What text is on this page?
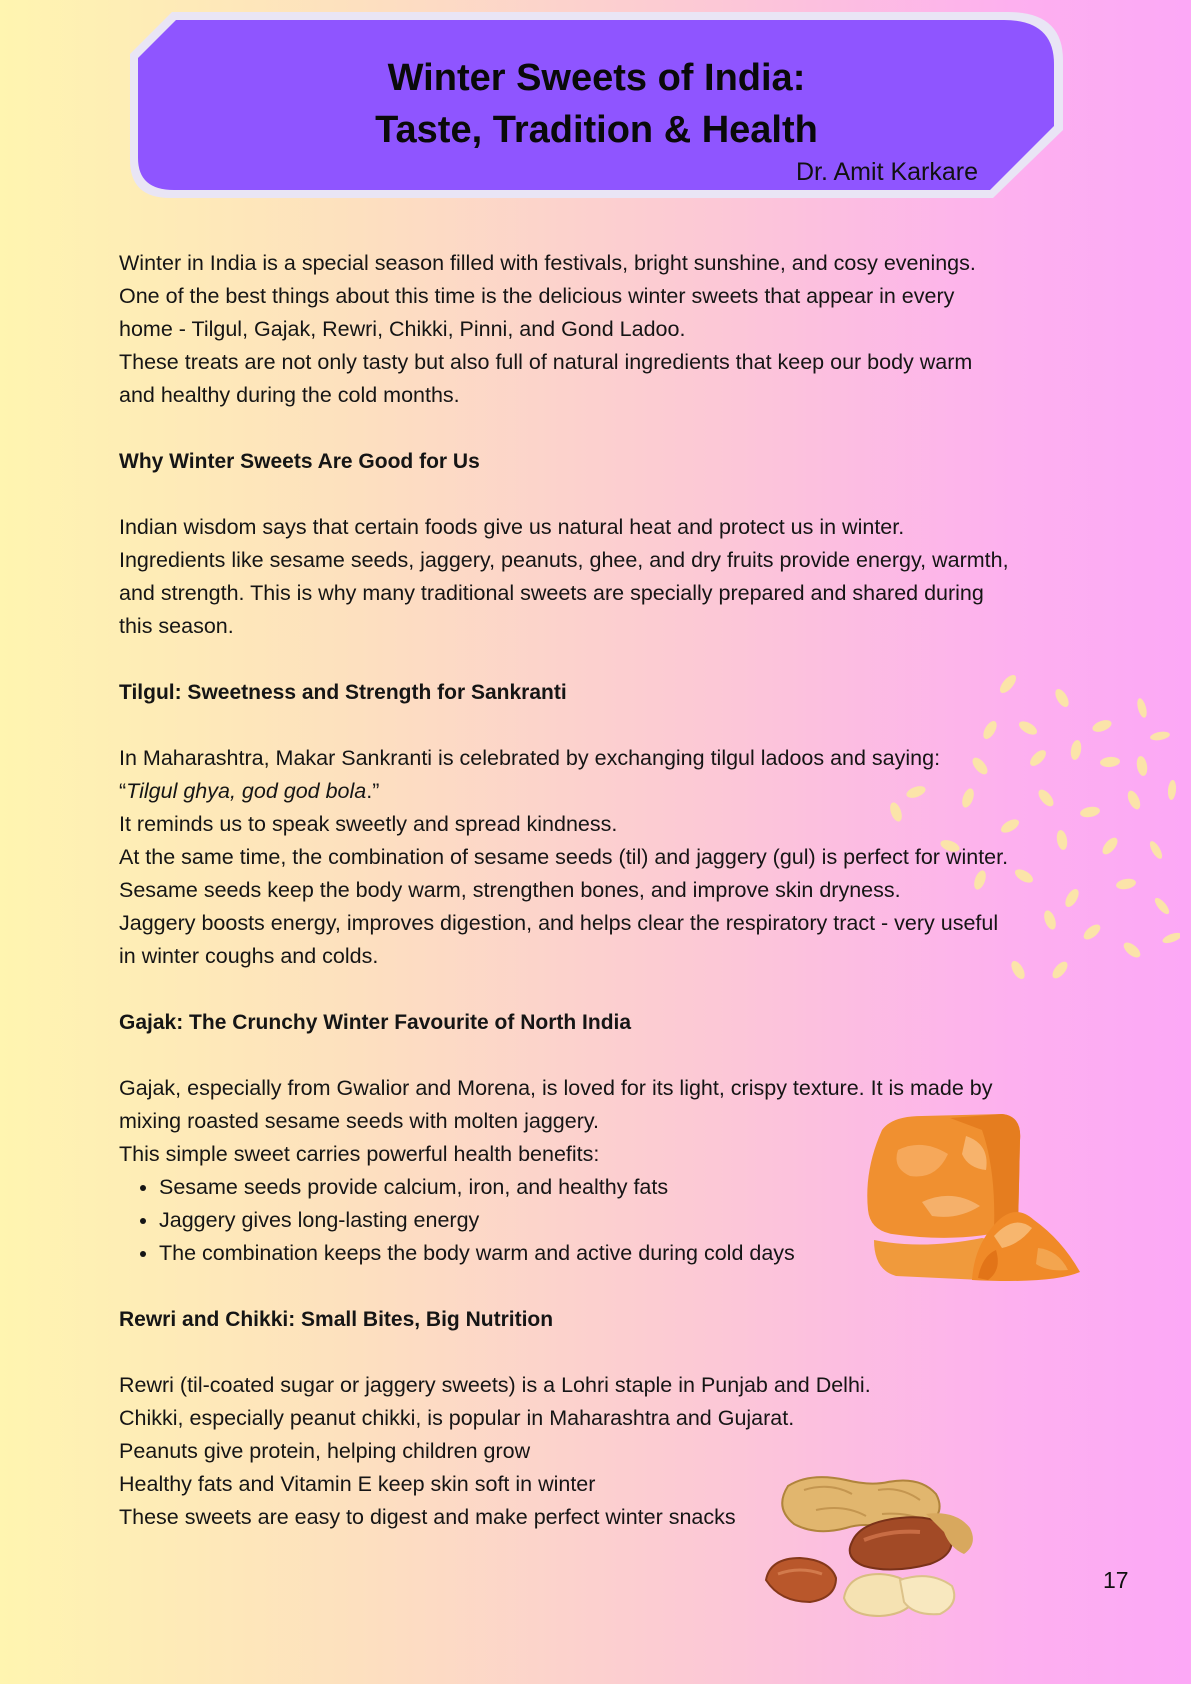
Winter Sweets of India:
Taste, Tradition & Health
Dr. Amit Karkare

Winter in India is a special season filled with festivals, bright sunshine, and cosy evenings.

One of the best things about this time is the delicious winter sweets that appear in every

home - Tilgul, Gajak, Rewri, Chikki, Pinni, and Gond Ladoo.

These treats are not only tasty but also full of natural ingredients that keep our body warm

and healthy during the cold months.

Why Winter Sweets Are Good for Us

Indian wisdom says that certain foods give us natural heat and protect us in winter.

Ingredients like sesame seeds, jaggery, peanuts, ghee, and dry fruits provide energy, warmth,

and strength. This is why many traditional sweets are specially prepared and shared during

this season.

Tilgul: Sweetness and Strength for Sankranti

In Maharashtra, Makar Sankranti is celebrated by exchanging tilgul ladoos and saying:

“Tilgul ghya, god god bola.”

It reminds us to speak sweetly and spread kindness.

At the same time, the combination of sesame seeds (til) and jaggery (gul) is perfect for winter.

Sesame seeds keep the body warm, strengthen bones, and improve skin dryness.

Jaggery boosts energy, improves digestion, and helps clear the respiratory tract - very useful

in winter coughs and colds.

Gajak: The Crunchy Winter Favourite of North India

Gajak, especially from Gwalior and Morena, is loved for its light, crispy texture. It is made by

mixing roasted sesame seeds with molten jaggery.

This simple sweet carries powerful health benefits:

• Sesame seeds provide calcium, iron, and healthy fats
• Jaggery gives long-lasting energy
• The combination keeps the body warm and active during cold days
Rewri and Chikki: Small Bites, Big Nutrition

Rewri (til-coated sugar or jaggery sweets) is a Lohri staple in Punjab and Delhi.

Chikki, especially peanut chikki, is popular in Maharashtra and Gujarat.

Peanuts give protein, helping children grow

Healthy fats and Vitamin E keep skin soft in winter

These sweets are easy to digest and make perfect winter snacks

17
